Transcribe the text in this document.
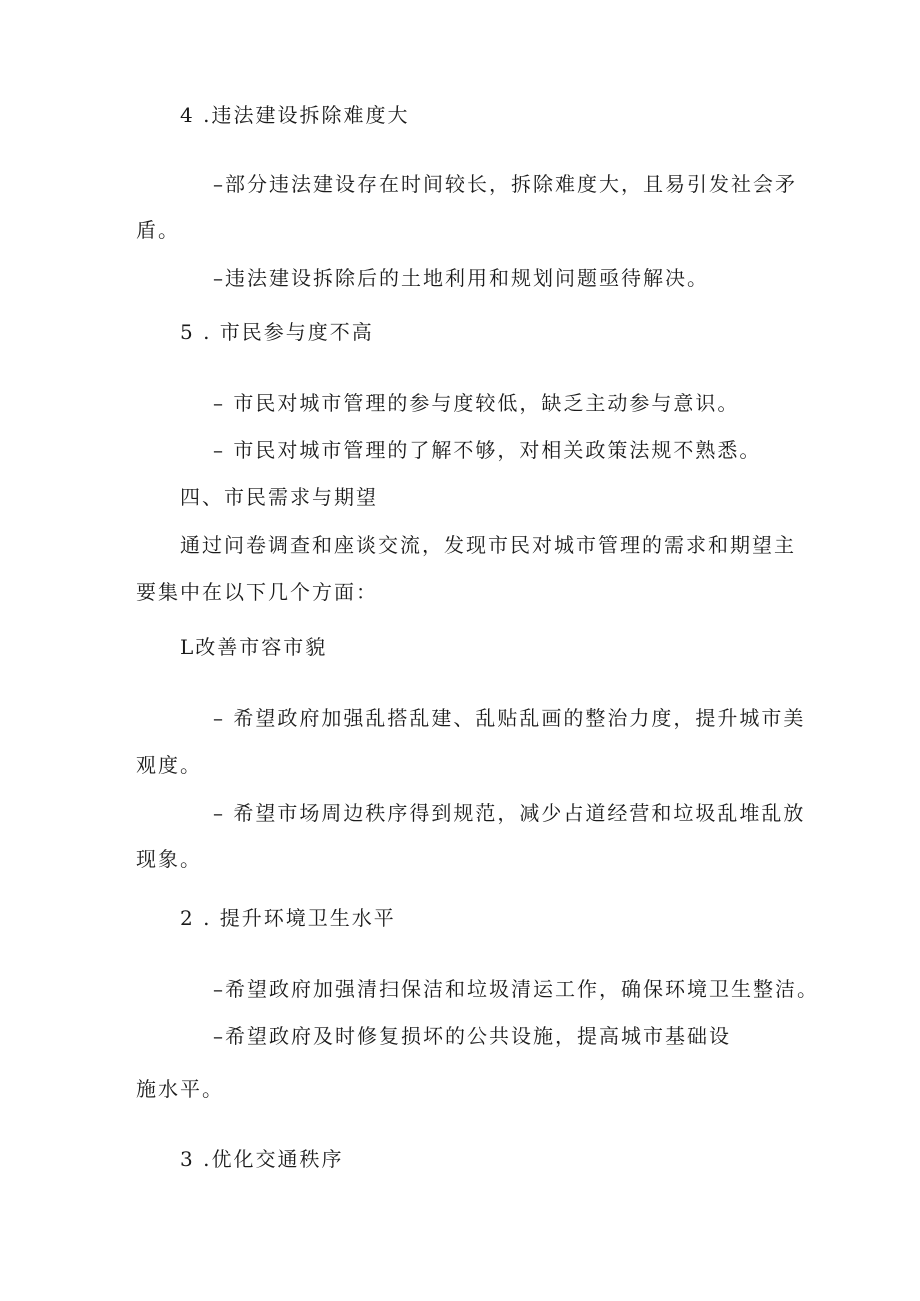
4 .违法建设拆除难度大
–部分违法建设存在时间较长，拆除难度大，且易引发社会矛
盾。
–违法建设拆除后的土地利用和规划问题亟待解决。
5 . 市民参与度不高
– 市民对城市管理的参与度较低，缺乏主动参与意识。
– 市民对城市管理的了解不够，对相关政策法规不熟悉。
四、市民需求与期望
通过问卷调查和座谈交流，发现市民对城市管理的需求和期望主
要集中在以下几个方面：
L改善市容市貌
– 希望政府加强乱搭乱建、乱贴乱画的整治力度，提升城市美
观度。
– 希望市场周边秩序得到规范，减少占道经营和垃圾乱堆乱放
现象。
2 . 提升环境卫生水平
–希望政府加强清扫保洁和垃圾清运工作，确保环境卫生整洁。
–希望政府及时修复损坏的公共设施，提高城市基础设
施水平。
3 .优化交通秩序
